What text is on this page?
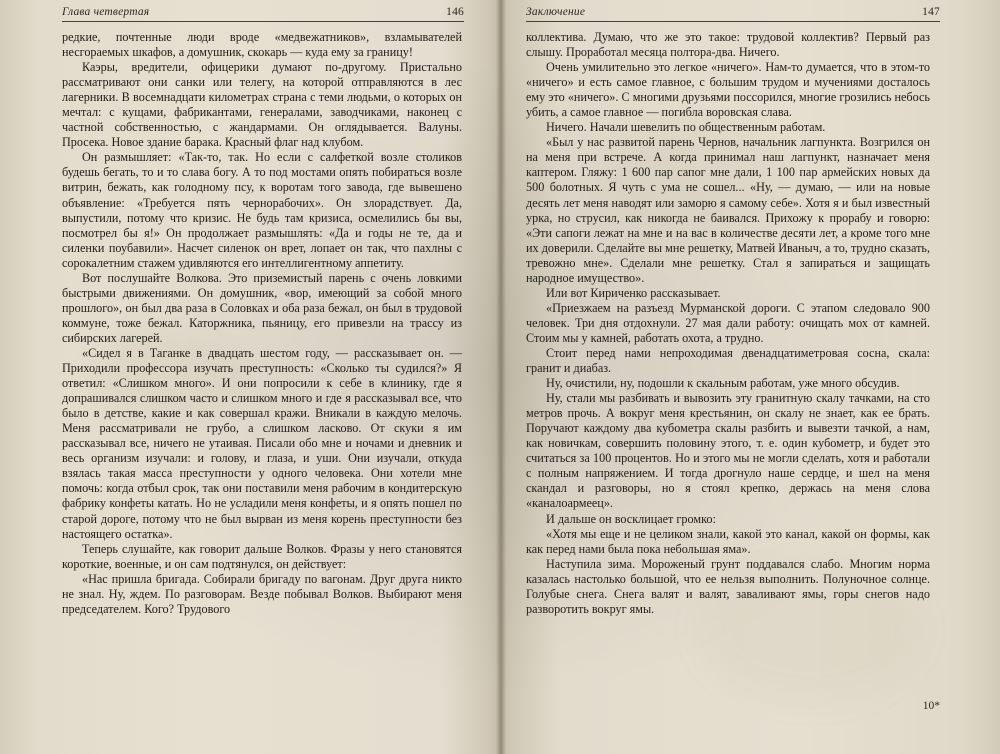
Глава четвертая	146

редкие, почтенные люди вроде «медвежатников», взламывателей несгораемых шкафов, а домушник, скокарь — куда ему за границу!

Каэры, вредители, офицерики думают по-другому. Пристально рассматривают они санки или телегу, на которой отправляются в лес лагерники. В восемнадцати километрах страна с теми людьми, о которых он мечтал: с кущами, фабрикантами, генералами, заводчиками, наконец с частной собственностью, с жандармами. Он оглядывается. Валуны. Просека. Новое здание барака. Красный флаг над клубом.

Он размышляет: «Так-то, так. Но если с салфеткой возле столиков будешь бегать, то и то слава богу. А то под мостами опять побираться возле витрин, бежать, как голодному псу, к воротам того завода, где вывешено объявление: «Требуется пять чернорабочих». Он злорадствует. Да, выпустили, потому что кризис. Не будь там кризиса, осмелились бы вы, посмотрел бы я!» Он продолжает размышлять: «Да и годы не те, да и силенки поубавили». Насчет силенок он врет, лопает он так, что пахлны с сорокалетним стажем удивляются его интеллигентному аппетиту.

Вот послушайте Волкова. Это приземистый парень с очень ловкими быстрыми движениями. Он домушник, «вор, имеющий за собой много прошлого», он был два раза в Соловках и оба раза бежал, он был в трудовой коммуне, тоже бежал. Каторжника, пьяницу, его привезли на трассу из сибирских лагерей.

«Сидел я в Таганке в двадцать шестом году, — рассказывает он. — Приходили профессора изучать преступность: «Сколько ты судился?» Я ответил: «Слишком много». И они попросили к себе в клинику, где я допрашивался слишком часто и слишком много и где я рассказывал все, что было в детстве, какие и как совершал кражи. Вникали в каждую мелочь. Меня рассматривали не грубо, а слишком ласково. От скуки я им рассказывал все, ничего не утаивая. Писали обо мне и ночами и дневник и весь организм изучали: и голову, и глаза, и уши. Они изучали, откуда взялась такая масса преступности у одного человека. Они хотели мне помочь: когда отбыл срок, так они поставили меня рабочим в кондитерскую фабрику конфеты катать. Но не усладили меня конфеты, и я опять пошел по старой дороге, потому что не был вырван из меня корень преступности без настоящего остатка».

Теперь слушайте, как говорит дальше Волков. Фразы у него становятся короткие, военные, и он сам подтянулся, он действует:

«Нас пришла бригада. Собирали бригаду по вагонам. Друг друга никто не знал. Ну, ждем. По разговорам. Везде побывал Волков. Выбирают меня председателем. Кого? Трудового

Заключение	147

коллектива. Думаю, что же это такое: трудовой коллектив? Первый раз слышу. Проработал месяца полтора-два. Ничего.

Очень умилительно это легкое «ничего». Нам-то думается, что в этом-то «ничего» и есть самое главное, с большим трудом и мучениями досталось ему это «ничего». С многими друзьями поссорился, многие грозились небось убить, а самое главное — погибла воровская слава.

Ничего. Начали шевелить по общественным работам.

«Был у нас развитой парень Чернов, начальник лагпункта. Возгрилcя он на меня при встрече. А когда принимал наш лагпункт, назначает меня каптером. Гляжу: 1 600 пар сапог мне дали, 1 100 пар армейских новых да 500 болотных. Я чуть с ума не сошел... «Ну, — думаю, — или на новые десять лет меня наводят или заморю я самому себе». Хотя я и был известный урка, но струсил, как никогда не баивался. Прихожу к прорабу и говорю: «Эти сапоги лежат на мне и на вас в количестве десяти лет, а кроме того мне их доверили. Сделайте вы мне решетку, Матвей Иваныч, а то, трудно сказать, тревожно мне». Сделали мне решетку. Стал я запираться и защищать народное имущество».

Или вот Кириченко рассказывает.

«Приезжаем на разъезд Мурманской дороги. С этапом следовало 900 человек. Три дня отдохнули. 27 мая дали работу: очищать мох от камней. Стоим мы у камней, работать охота, а трудно.

Стоит перед нами непроходимая двенадцатиметровая сосна, скала: гранит и диабаз.

Ну, очистили, ну, подошли к скальным работам, уже много обсудив.

Ну, стали мы разбивать и вывозить эту гранитную скалу тачками, на сто метров прочь. А вокруг меня крестьянин, он скалу не знает, как ее брать. Поручают каждому два кубометра скалы разбить и вывезти тачкой, а нам, как новичкам, совершить половину этого, т. е. один кубометр, и будет это считаться за 100 процентов. Но и этого мы не могли сделать, хотя и работали с полным напряжением. И тогда дрогнуло наше сердце, и шел на меня скандал и разговоры, но я стоял крепко, держась на меня слова «каналоармеец».

И дальше он восклицает громко:

«Хотя мы еще и не целиком знали, какой это канал, какой он формы, как как перед нами была пока небольшая яма».

Наступила зима. Мороженый грунт поддавался слабо. Многим норма казалась настолько большой, что ее нельзя выполнить. Полуночное солнце. Голубые снега. Снега валят и валят, заваливают ямы, горы снегов надо разворотить вокруг ямы.

10*
